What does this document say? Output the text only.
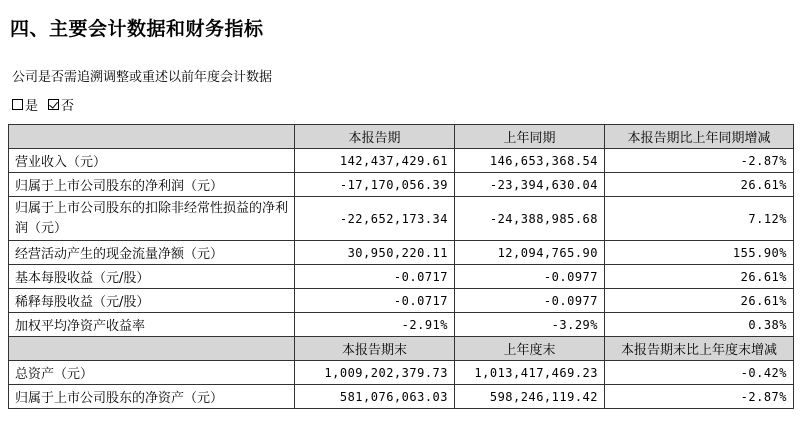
四、主要会计数据和财务指标
公司是否需追溯调整或重述以前年度会计数据
是 否
	本报告期	上年同期	本报告期比上年同期增减
营业收入（元）	142,437,429.61	146,653,368.54	-2.87%
归属于上市公司股东的净利润（元）	-17,170,056.39	-23,394,630.04	26.61%
归属于上市公司股东的扣除非经常性损益的净利润（元）	-22,652,173.34	-24,388,985.68	7.12%
经营活动产生的现金流量净额（元）	30,950,220.11	12,094,765.90	155.90%
基本每股收益（元/股）	-0.0717	-0.0977	26.61%
稀释每股收益（元/股）	-0.0717	-0.0977	26.61%
加权平均净资产收益率	-2.91%	-3.29%	0.38%
	本报告期末	上年度末	本报告期末比上年度末增减
总资产（元）	1,009,202,379.73	1,013,417,469.23	-0.42%
归属于上市公司股东的净资产（元）	581,076,063.03	598,246,119.42	-2.87%
